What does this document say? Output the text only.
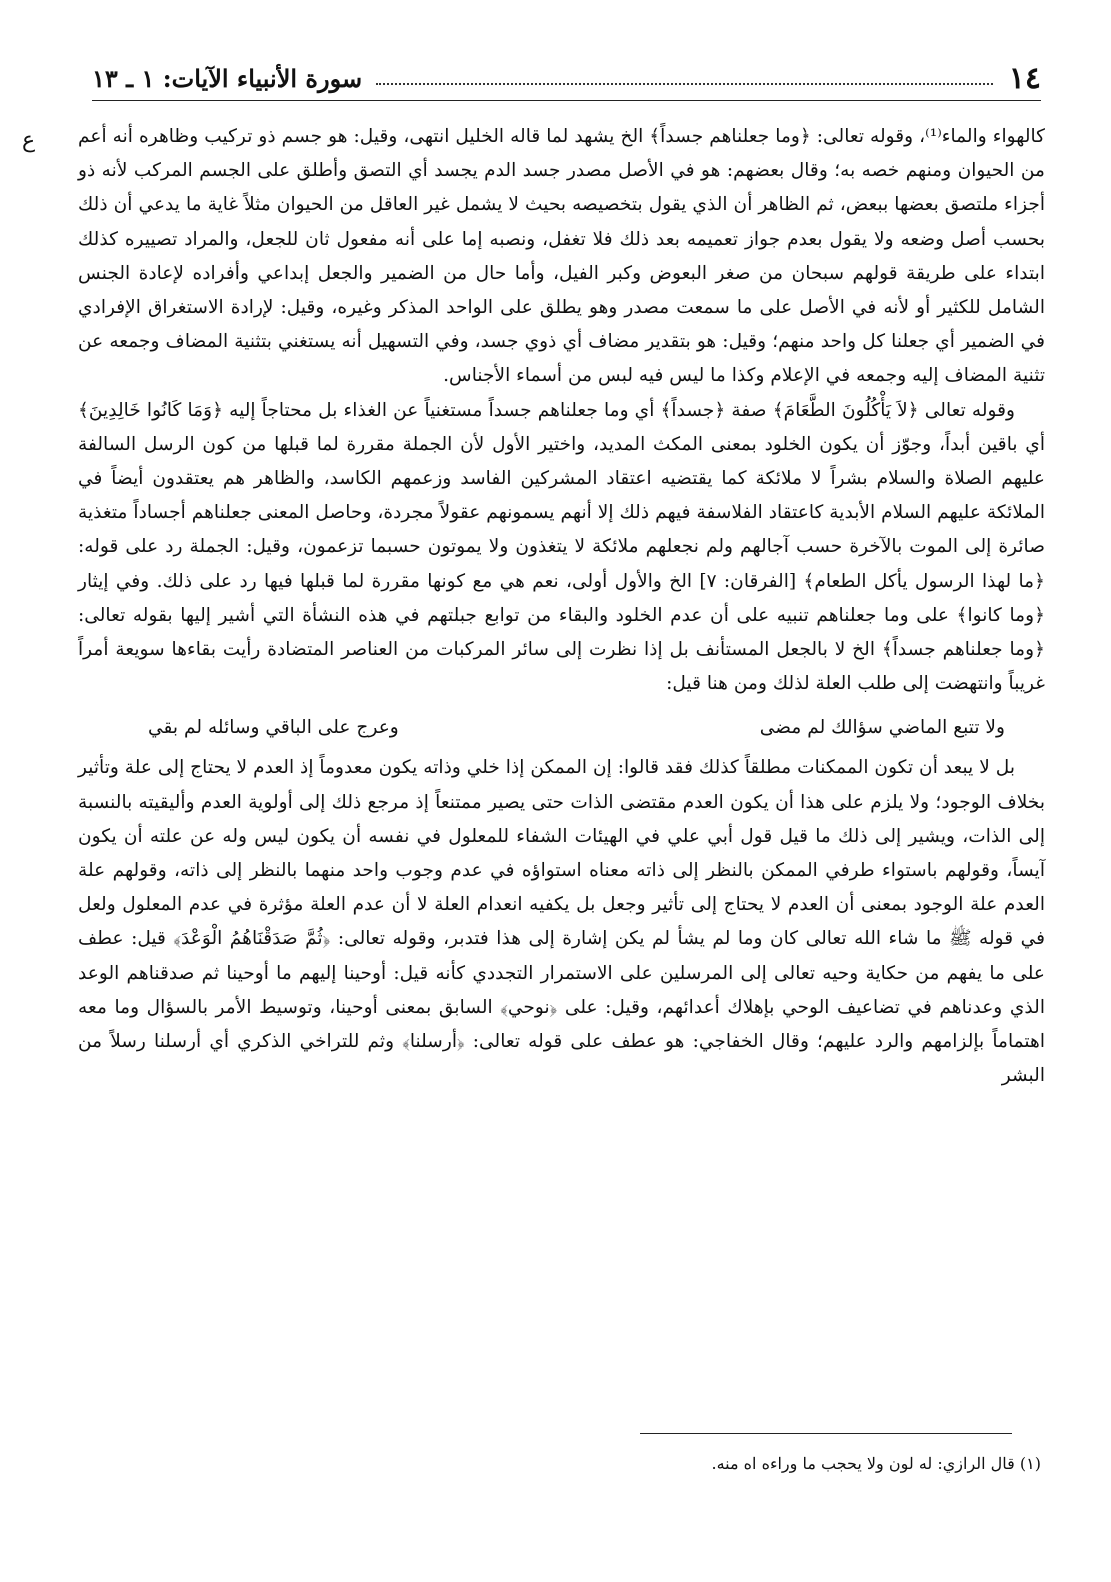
سورة الأنبياء الآيات: ١ ـ ١٣	١٤
ﻉ كالهواء والماء⁽¹⁾، وقوله تعالى: ﴿وما جعلناهم جسداً﴾ الخ يشهد لما قاله الخليل انتهى، وقيل: هو جسم ذو تركيب وظاهره أنه أعم من الحيوان ومنهم خصه به؛ وقال بعضهم: هو في الأصل مصدر جسد الدم يجسد أي التصق وأطلق على الجسم المركب لأنه ذو أجزاء ملتصق بعضها ببعض، ثم الظاهر أن الذي يقول بتخصيصه بحيث لا يشمل غير العاقل من الحيوان مثلاً غاية ما يدعي أن ذلك بحسب أصل وضعه ولا يقول بعدم جواز تعميمه بعد ذلك فلا تغفل، ونصبه إما على أنه مفعول ثان للجعل، والمراد تصييره كذلك ابتداء على طريقة قولهم سبحان من صغر البعوض وكبر الفيل، وأما حال من الضمير والجعل إبداعي وأفراده لإعادة الجنس الشامل للكثير أو لأنه في الأصل على ما سمعت مصدر وهو يطلق على الواحد المذكر وغيره، وقيل: لإرادة الاستغراق الإفرادي في الضمير أي جعلنا كل واحد منهم؛ وقيل: هو بتقدير مضاف أي ذوي جسد، وفي التسهيل أنه يستغني بتثنية المضاف وجمعه عن تثنية المضاف إليه وجمعه في الإعلام وكذا ما ليس فيه لبس من أسماء الأجناس.

وقوله تعالى ﴿لاَ يَأْكُلُونَ الطَّعَامَ﴾ صفة ﴿جسداً﴾ أي وما جعلناهم جسداً مستغنياً عن الغذاء بل محتاجاً إليه ﴿وَمَا كَانُوا خَالِدِينَ﴾ أي باقين أبداً، وجوّز أن يكون الخلود بمعنى المكث المديد، واختير الأول لأن الجملة مقررة لما قبلها من كون الرسل السالفة عليهم الصلاة والسلام بشراً لا ملائكة كما يقتضيه اعتقاد المشركين الفاسد وزعمهم الكاسد، والظاهر هم يعتقدون أيضاً في الملائكة عليهم السلام الأبدية كاعتقاد الفلاسفة فيهم ذلك إلا أنهم يسمونهم عقولاً مجردة، وحاصل المعنى جعلناهم أجساداً متغذية صائرة إلى الموت بالآخرة حسب آجالهم ولم نجعلهم ملائكة لا يتغذون ولا يموتون حسبما تزعمون، وقيل: الجملة رد على قوله: ﴿ما لهذا الرسول يأكل الطعام﴾ [الفرقان: ٧] الخ والأول أولى، نعم هي مع كونها مقررة لما قبلها فيها رد على ذلك. وفي إيثار ﴿وما كانوا﴾ على وما جعلناهم تنبيه على أن عدم الخلود والبقاء من توابع جبلتهم في هذه النشأة التي أشير إليها بقوله تعالى: ﴿وما جعلناهم جسداً﴾ الخ لا بالجعل المستأنف بل إذا نظرت إلى سائر المركبات من العناصر المتضادة رأيت بقاءها سويعة أمراً غريباً وانتهضت إلى طلب العلة لذلك ومن هنا قيل:

ولا تتبع الماضي سؤالك لم مضى
وعرج على الباقي وسائله لم بقي

بل لا يبعد أن تكون الممكنات مطلقاً كذلك فقد قالوا: إن الممكن إذا خلي وذاته يكون معدوماً إذ العدم لا يحتاج إلى علة وتأثير بخلاف الوجود؛ ولا يلزم على هذا أن يكون العدم مقتضى الذات حتى يصير ممتنعاً إذ مرجع ذلك إلى أولوية العدم وأليقيته بالنسبة إلى الذات، ويشير إلى ذلك ما قيل قول أبي علي في الهيئات الشفاء للمعلول في نفسه أن يكون ليس وله عن علته أن يكون آيساً، وقولهم باستواء طرفي الممكن بالنظر إلى ذاته معناه استواؤه في عدم وجوب واحد منهما بالنظر إلى ذاته، وقولهم علة العدم علة الوجود بمعنى أن العدم لا يحتاج إلى تأثير وجعل بل يكفيه انعدام العلة لا أن عدم العلة مؤثرة في عدم المعلول ولعل في قوله ﷺ ما شاء الله تعالى كان وما لم يشأ لم يكن إشارة إلى هذا فتدبر، وقوله تعالى: ﴿ثُمَّ صَدَقْنَاهُمُ الْوَعْدَ﴾ قيل: عطف على ما يفهم من حكاية وحيه تعالى إلى المرسلين على الاستمرار التجددي كأنه قيل: أوحينا إليهم ما أوحينا ثم صدقناهم الوعد الذي وعدناهم في تضاعيف الوحي بإهلاك أعدائهم، وقيل: على ﴿نوحي﴾ السابق بمعنى أوحينا، وتوسيط الأمر بالسؤال وما معه اهتماماً بإلزامهم والرد عليهم؛ وقال الخفاجي: هو عطف على قوله تعالى: ﴿أرسلنا﴾ وثم للتراخي الذكري أي أرسلنا رسلاً من البشر

(١) قال الرازي: له لون ولا يحجب ما وراءه اه منه.
